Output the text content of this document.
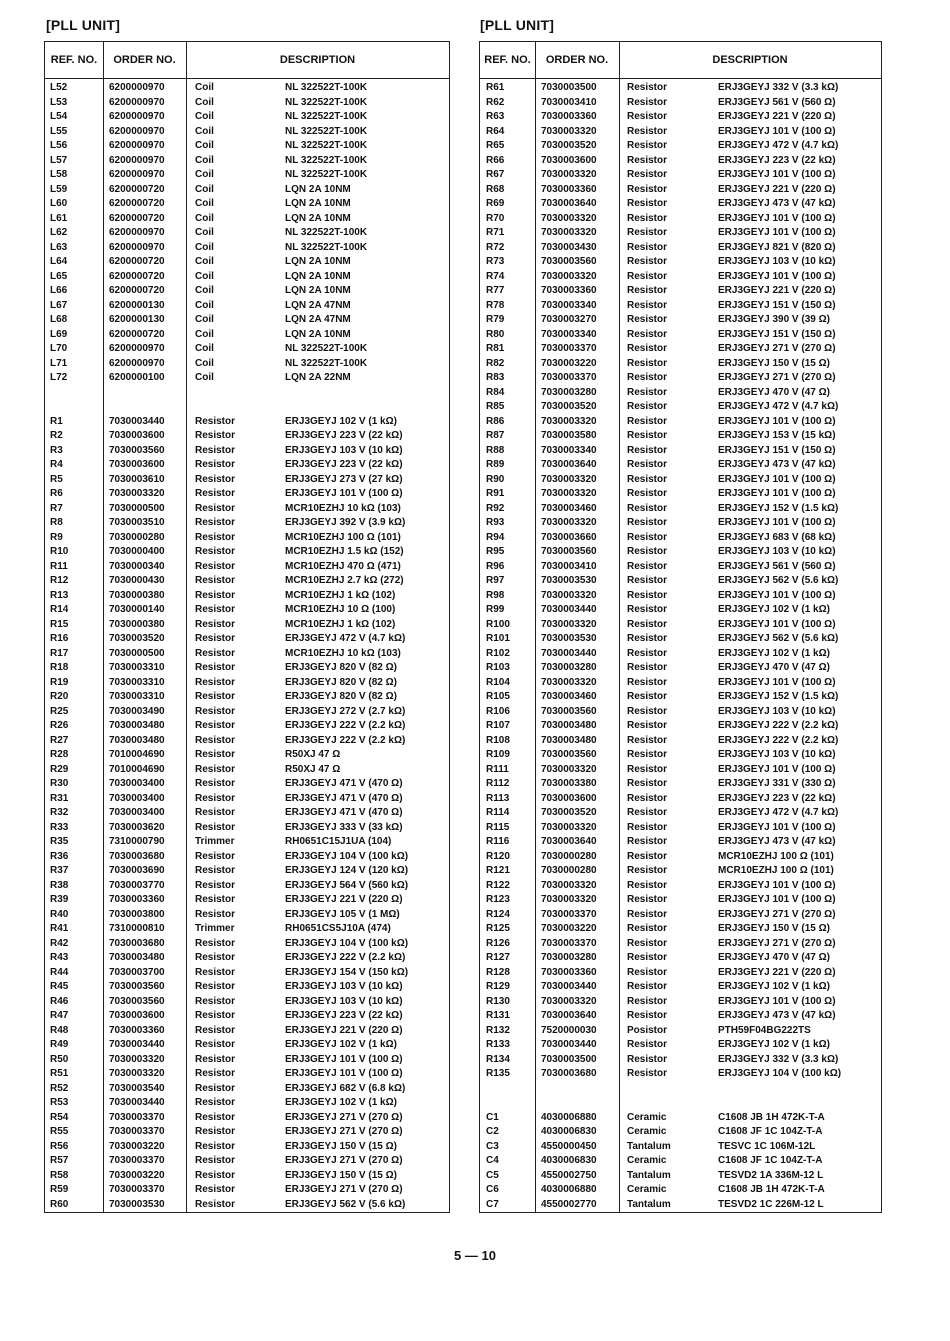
[PLL UNIT]	[PLL UNIT]
REF. NO.	ORDER NO.	DESCRIPTION
L52	6200000970	Coil	NL 322522T-100K
L53	6200000970	Coil	NL 322522T-100K
L54	6200000970	Coil	NL 322522T-100K
L55	6200000970	Coil	NL 322522T-100K
L56	6200000970	Coil	NL 322522T-100K
L57	6200000970	Coil	NL 322522T-100K
L58	6200000970	Coil	NL 322522T-100K
L59	6200000720	Coil	LQN 2A 10NM
L60	6200000720	Coil	LQN 2A 10NM
L61	6200000720	Coil	LQN 2A 10NM
L62	6200000970	Coil	NL 322522T-100K
L63	6200000970	Coil	NL 322522T-100K
L64	6200000720	Coil	LQN 2A 10NM
L65	6200000720	Coil	LQN 2A 10NM
L66	6200000720	Coil	LQN 2A 10NM
L67	6200000130	Coil	LQN 2A 47NM
L68	6200000130	Coil	LQN 2A 47NM
L69	6200000720	Coil	LQN 2A 10NM
L70	6200000970	Coil	NL 322522T-100K
L71	6200000970	Coil	NL 322522T-100K
L72	6200000100	Coil	LQN 2A 22NM
R1	7030003440	Resistor	ERJ3GEYJ 102 V (1 kΩ)
R2	7030003600	Resistor	ERJ3GEYJ 223 V (22 kΩ)
R3	7030003560	Resistor	ERJ3GEYJ 103 V (10 kΩ)
R4	7030003600	Resistor	ERJ3GEYJ 223 V (22 kΩ)
R5	7030003610	Resistor	ERJ3GEYJ 273 V (27 kΩ)
R6	7030003320	Resistor	ERJ3GEYJ 101 V (100 Ω)
R7	7030000500	Resistor	MCR10EZHJ 10 kΩ (103)
R8	7030003510	Resistor	ERJ3GEYJ 392 V (3.9 kΩ)
R9	7030000280	Resistor	MCR10EZHJ 100 Ω (101)
R10	7030000400	Resistor	MCR10EZHJ 1.5 kΩ (152)
R11	7030000340	Resistor	MCR10EZHJ 470 Ω (471)
R12	7030000430	Resistor	MCR10EZHJ 2.7 kΩ (272)
R13	7030000380	Resistor	MCR10EZHJ 1 kΩ (102)
R14	7030000140	Resistor	MCR10EZHJ 10 Ω (100)
R15	7030000380	Resistor	MCR10EZHJ 1 kΩ (102)
R16	7030003520	Resistor	ERJ3GEYJ 472 V (4.7 kΩ)
R17	7030000500	Resistor	MCR10EZHJ 10 kΩ (103)
R18	7030003310	Resistor	ERJ3GEYJ 820 V (82 Ω)
R19	7030003310	Resistor	ERJ3GEYJ 820 V (82 Ω)
R20	7030003310	Resistor	ERJ3GEYJ 820 V (82 Ω)
R25	7030003490	Resistor	ERJ3GEYJ 272 V (2.7 kΩ)
R26	7030003480	Resistor	ERJ3GEYJ 222 V (2.2 kΩ)
R27	7030003480	Resistor	ERJ3GEYJ 222 V (2.2 kΩ)
R28	7010004690	Resistor	R50XJ 47 Ω
R29	7010004690	Resistor	R50XJ 47 Ω
R30	7030003400	Resistor	ERJ3GEYJ 471 V (470 Ω)
R31	7030003400	Resistor	ERJ3GEYJ 471 V (470 Ω)
R32	7030003400	Resistor	ERJ3GEYJ 471 V (470 Ω)
R33	7030003620	Resistor	ERJ3GEYJ 333 V (33 kΩ)
R35	7310000790	Trimmer	RH0651C15J1UA (104)
R36	7030003680	Resistor	ERJ3GEYJ 104 V (100 kΩ)
R37	7030003690	Resistor	ERJ3GEYJ 124 V (120 kΩ)
R38	7030003770	Resistor	ERJ3GEYJ 564 V (560 kΩ)
R39	7030003360	Resistor	ERJ3GEYJ 221 V (220 Ω)
R40	7030003800	Resistor	ERJ3GEYJ 105 V (1 MΩ)
R41	7310000810	Trimmer	RH0651CS5J10A (474)
R42	7030003680	Resistor	ERJ3GEYJ 104 V (100 kΩ)
R43	7030003480	Resistor	ERJ3GEYJ 222 V (2.2 kΩ)
R44	7030003700	Resistor	ERJ3GEYJ 154 V (150 kΩ)
R45	7030003560	Resistor	ERJ3GEYJ 103 V (10 kΩ)
R46	7030003560	Resistor	ERJ3GEYJ 103 V (10 kΩ)
R47	7030003600	Resistor	ERJ3GEYJ 223 V (22 kΩ)
R48	7030003360	Resistor	ERJ3GEYJ 221 V (220 Ω)
R49	7030003440	Resistor	ERJ3GEYJ 102 V (1 kΩ)
R50	7030003320	Resistor	ERJ3GEYJ 101 V (100 Ω)
R51	7030003320	Resistor	ERJ3GEYJ 101 V (100 Ω)
R52	7030003540	Resistor	ERJ3GEYJ 682 V (6.8 kΩ)
R53	7030003440	Resistor	ERJ3GEYJ 102 V (1 kΩ)
R54	7030003370	Resistor	ERJ3GEYJ 271 V (270 Ω)
R55	7030003370	Resistor	ERJ3GEYJ 271 V (270 Ω)
R56	7030003220	Resistor	ERJ3GEYJ 150 V (15 Ω)
R57	7030003370	Resistor	ERJ3GEYJ 271 V (270 Ω)
R58	7030003220	Resistor	ERJ3GEYJ 150 V (15 Ω)
R59	7030003370	Resistor	ERJ3GEYJ 271 V (270 Ω)
R60	7030003530	Resistor	ERJ3GEYJ 562 V (5.6 kΩ)
REF. NO.	ORDER NO.	DESCRIPTION
R61	7030003500	Resistor	ERJ3GEYJ 332 V (3.3 kΩ)
R62	7030003410	Resistor	ERJ3GEYJ 561 V (560 Ω)
R63	7030003360	Resistor	ERJ3GEYJ 221 V (220 Ω)
R64	7030003320	Resistor	ERJ3GEYJ 101 V (100 Ω)
R65	7030003520	Resistor	ERJ3GEYJ 472 V (4.7 kΩ)
R66	7030003600	Resistor	ERJ3GEYJ 223 V (22 kΩ)
R67	7030003320	Resistor	ERJ3GEYJ 101 V (100 Ω)
R68	7030003360	Resistor	ERJ3GEYJ 221 V (220 Ω)
R69	7030003640	Resistor	ERJ3GEYJ 473 V (47 kΩ)
R70	7030003320	Resistor	ERJ3GEYJ 101 V (100 Ω)
R71	7030003320	Resistor	ERJ3GEYJ 101 V (100 Ω)
R72	7030003430	Resistor	ERJ3GEYJ 821 V (820 Ω)
R73	7030003560	Resistor	ERJ3GEYJ 103 V (10 kΩ)
R74	7030003320	Resistor	ERJ3GEYJ 101 V (100 Ω)
R77	7030003360	Resistor	ERJ3GEYJ 221 V (220 Ω)
R78	7030003340	Resistor	ERJ3GEYJ 151 V (150 Ω)
R79	7030003270	Resistor	ERJ3GEYJ 390 V (39 Ω)
R80	7030003340	Resistor	ERJ3GEYJ 151 V (150 Ω)
R81	7030003370	Resistor	ERJ3GEYJ 271 V (270 Ω)
R82	7030003220	Resistor	ERJ3GEYJ 150 V (15 Ω)
R83	7030003370	Resistor	ERJ3GEYJ 271 V (270 Ω)
R84	7030003280	Resistor	ERJ3GEYJ 470 V (47 Ω)
R85	7030003520	Resistor	ERJ3GEYJ 472 V (4.7 kΩ)
R86	7030003320	Resistor	ERJ3GEYJ 101 V (100 Ω)
R87	7030003580	Resistor	ERJ3GEYJ 153 V (15 kΩ)
R88	7030003340	Resistor	ERJ3GEYJ 151 V (150 Ω)
R89	7030003640	Resistor	ERJ3GEYJ 473 V (47 kΩ)
R90	7030003320	Resistor	ERJ3GEYJ 101 V (100 Ω)
R91	7030003320	Resistor	ERJ3GEYJ 101 V (100 Ω)
R92	7030003460	Resistor	ERJ3GEYJ 152 V (1.5 kΩ)
R93	7030003320	Resistor	ERJ3GEYJ 101 V (100 Ω)
R94	7030003660	Resistor	ERJ3GEYJ 683 V (68 kΩ)
R95	7030003560	Resistor	ERJ3GEYJ 103 V (10 kΩ)
R96	7030003410	Resistor	ERJ3GEYJ 561 V (560 Ω)
R97	7030003530	Resistor	ERJ3GEYJ 562 V (5.6 kΩ)
R98	7030003320	Resistor	ERJ3GEYJ 101 V (100 Ω)
R99	7030003440	Resistor	ERJ3GEYJ 102 V (1 kΩ)
R100	7030003320	Resistor	ERJ3GEYJ 101 V (100 Ω)
R101	7030003530	Resistor	ERJ3GEYJ 562 V (5.6 kΩ)
R102	7030003440	Resistor	ERJ3GEYJ 102 V (1 kΩ)
R103	7030003280	Resistor	ERJ3GEYJ 470 V (47 Ω)
R104	7030003320	Resistor	ERJ3GEYJ 101 V (100 Ω)
R105	7030003460	Resistor	ERJ3GEYJ 152 V (1.5 kΩ)
R106	7030003560	Resistor	ERJ3GEYJ 103 V (10 kΩ)
R107	7030003480	Resistor	ERJ3GEYJ 222 V (2.2 kΩ)
R108	7030003480	Resistor	ERJ3GEYJ 222 V (2.2 kΩ)
R109	7030003560	Resistor	ERJ3GEYJ 103 V (10 kΩ)
R111	7030003320	Resistor	ERJ3GEYJ 101 V (100 Ω)
R112	7030003380	Resistor	ERJ3GEYJ 331 V (330 Ω)
R113	7030003600	Resistor	ERJ3GEYJ 223 V (22 kΩ)
R114	7030003520	Resistor	ERJ3GEYJ 472 V (4.7 kΩ)
R115	7030003320	Resistor	ERJ3GEYJ 101 V (100 Ω)
R116	7030003640	Resistor	ERJ3GEYJ 473 V (47 kΩ)
R120	7030000280	Resistor	MCR10EZHJ 100 Ω (101)
R121	7030000280	Resistor	MCR10EZHJ 100 Ω (101)
R122	7030003320	Resistor	ERJ3GEYJ 101 V (100 Ω)
R123	7030003320	Resistor	ERJ3GEYJ 101 V (100 Ω)
R124	7030003370	Resistor	ERJ3GEYJ 271 V (270 Ω)
R125	7030003220	Resistor	ERJ3GEYJ 150 V (15 Ω)
R126	7030003370	Resistor	ERJ3GEYJ 271 V (270 Ω)
R127	7030003280	Resistor	ERJ3GEYJ 470 V (47 Ω)
R128	7030003360	Resistor	ERJ3GEYJ 221 V (220 Ω)
R129	7030003440	Resistor	ERJ3GEYJ 102 V (1 kΩ)
R130	7030003320	Resistor	ERJ3GEYJ 101 V (100 Ω)
R131	7030003640	Resistor	ERJ3GEYJ 473 V (47 kΩ)
R132	7520000030	Posistor	PTH59F04BG222TS
R133	7030003440	Resistor	ERJ3GEYJ 102 V (1 kΩ)
R134	7030003500	Resistor	ERJ3GEYJ 332 V (3.3 kΩ)
R135	7030003680	Resistor	ERJ3GEYJ 104 V (100 kΩ)
C1	4030006880	Ceramic	C1608 JB 1H 472K-T-A
C2	4030006830	Ceramic	C1608 JF 1C 104Z-T-A
C3	4550000450	Tantalum	TESVC 1C 106M-12L
C4	4030006830	Ceramic	C1608 JF 1C 104Z-T-A
C5	4550002750	Tantalum	TESVD2 1A 336M-12 L
C6	4030006880	Ceramic	C1608 JB 1H 472K-T-A
C7	4550002770	Tantalum	TESVD2 1C 226M-12 L
5 — 10
